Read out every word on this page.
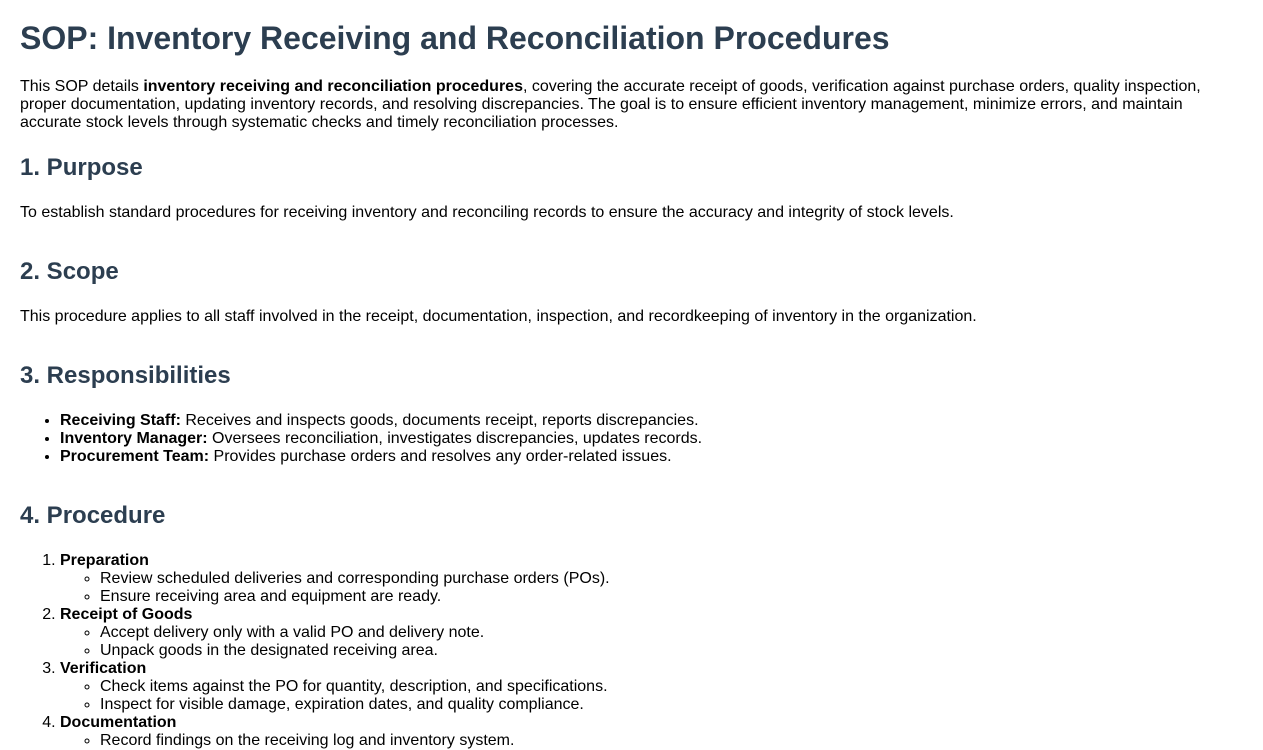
SOP: Inventory Receiving and Reconciliation Procedures

This SOP details inventory receiving and reconciliation procedures, covering the accurate receipt of goods, verification against purchase orders, quality inspection, proper documentation, updating inventory records, and resolving discrepancies. The goal is to ensure efficient inventory management, minimize errors, and maintain accurate stock levels through systematic checks and timely reconciliation processes.

1. Purpose

To establish standard procedures for receiving inventory and reconciling records to ensure the accuracy and integrity of stock levels.

2. Scope

This procedure applies to all staff involved in the receipt, documentation, inspection, and recordkeeping of inventory in the organization.

3. Responsibilities
• Receiving Staff: Receives and inspects goods, documents receipt, reports discrepancies.
• Inventory Manager: Oversees reconciliation, investigates discrepancies, updates records.
• Procurement Team: Provides purchase orders and resolves any order-related issues.
4. Procedure
1. Preparation
◦ Review scheduled deliveries and corresponding purchase orders (POs).
◦ Ensure receiving area and equipment are ready.
2. Receipt of Goods
◦ Accept delivery only with a valid PO and delivery note.
◦ Unpack goods in the designated receiving area.
3. Verification
◦ Check items against the PO for quantity, description, and specifications.
◦ Inspect for visible damage, expiration dates, and quality compliance.
4. Documentation
◦ Record findings on the receiving log and inventory system.
